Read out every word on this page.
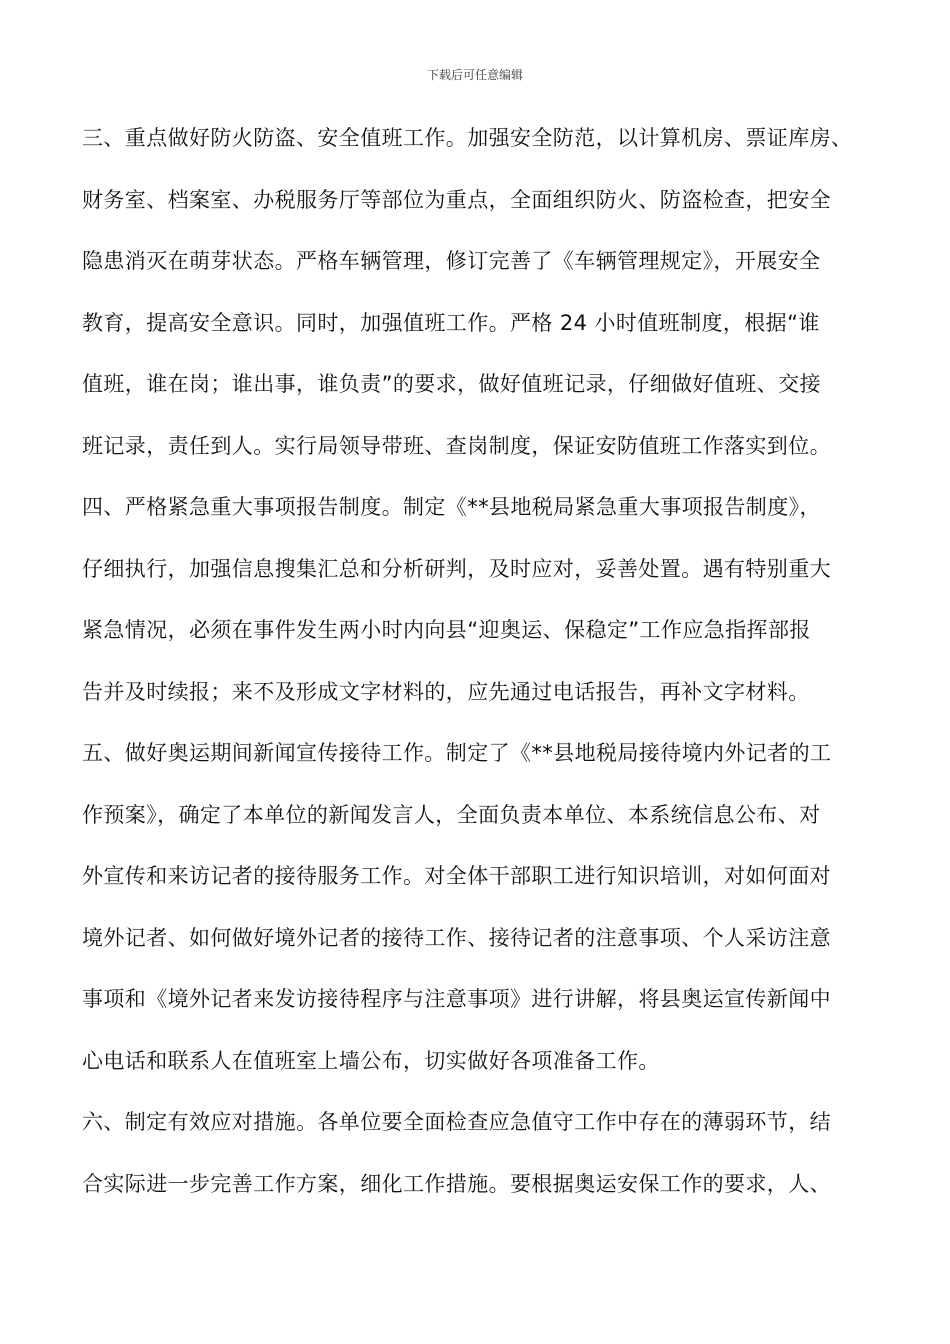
下载后可任意编辑
三、重点做好防火防盗、安全值班工作。加强安全防范，以计算机房、票证库房、
财务室、档案室、办税服务厅等部位为重点，全面组织防火、防盗检查，把安全
隐患消灭在萌芽状态。严格车辆管理，修订完善了《车辆管理规定》，开展安全
教育，提高安全意识。同时，加强值班工作。严格 24 小时值班制度，根据“谁
值班，谁在岗；谁出事，谁负责”的要求，做好值班记录，仔细做好值班、交接
班记录，责任到人。实行局领导带班、查岗制度，保证安防值班工作落实到位。
四、严格紧急重大事项报告制度。制定《**县地税局紧急重大事项报告制度》，
仔细执行，加强信息搜集汇总和分析研判，及时应对，妥善处置。遇有特别重大
紧急情况，必须在事件发生两小时内向县“迎奥运、保稳定”工作应急指挥部报
告并及时续报；来不及形成文字材料的，应先通过电话报告，再补文字材料。
五、做好奥运期间新闻宣传接待工作。制定了《**县地税局接待境内外记者的工
作预案》，确定了本单位的新闻发言人，全面负责本单位、本系统信息公布、对
外宣传和来访记者的接待服务工作。对全体干部职工进行知识培训，对如何面对
境外记者、如何做好境外记者的接待工作、接待记者的注意事项、个人采访注意
事项和《境外记者来发访接待程序与注意事项》进行讲解，将县奥运宣传新闻中
心电话和联系人在值班室上墙公布，切实做好各项准备工作。
六、制定有效应对措施。各单位要全面检查应急值守工作中存在的薄弱环节，结
合实际进一步完善工作方案，细化工作措施。要根据奥运安保工作的要求，人、
